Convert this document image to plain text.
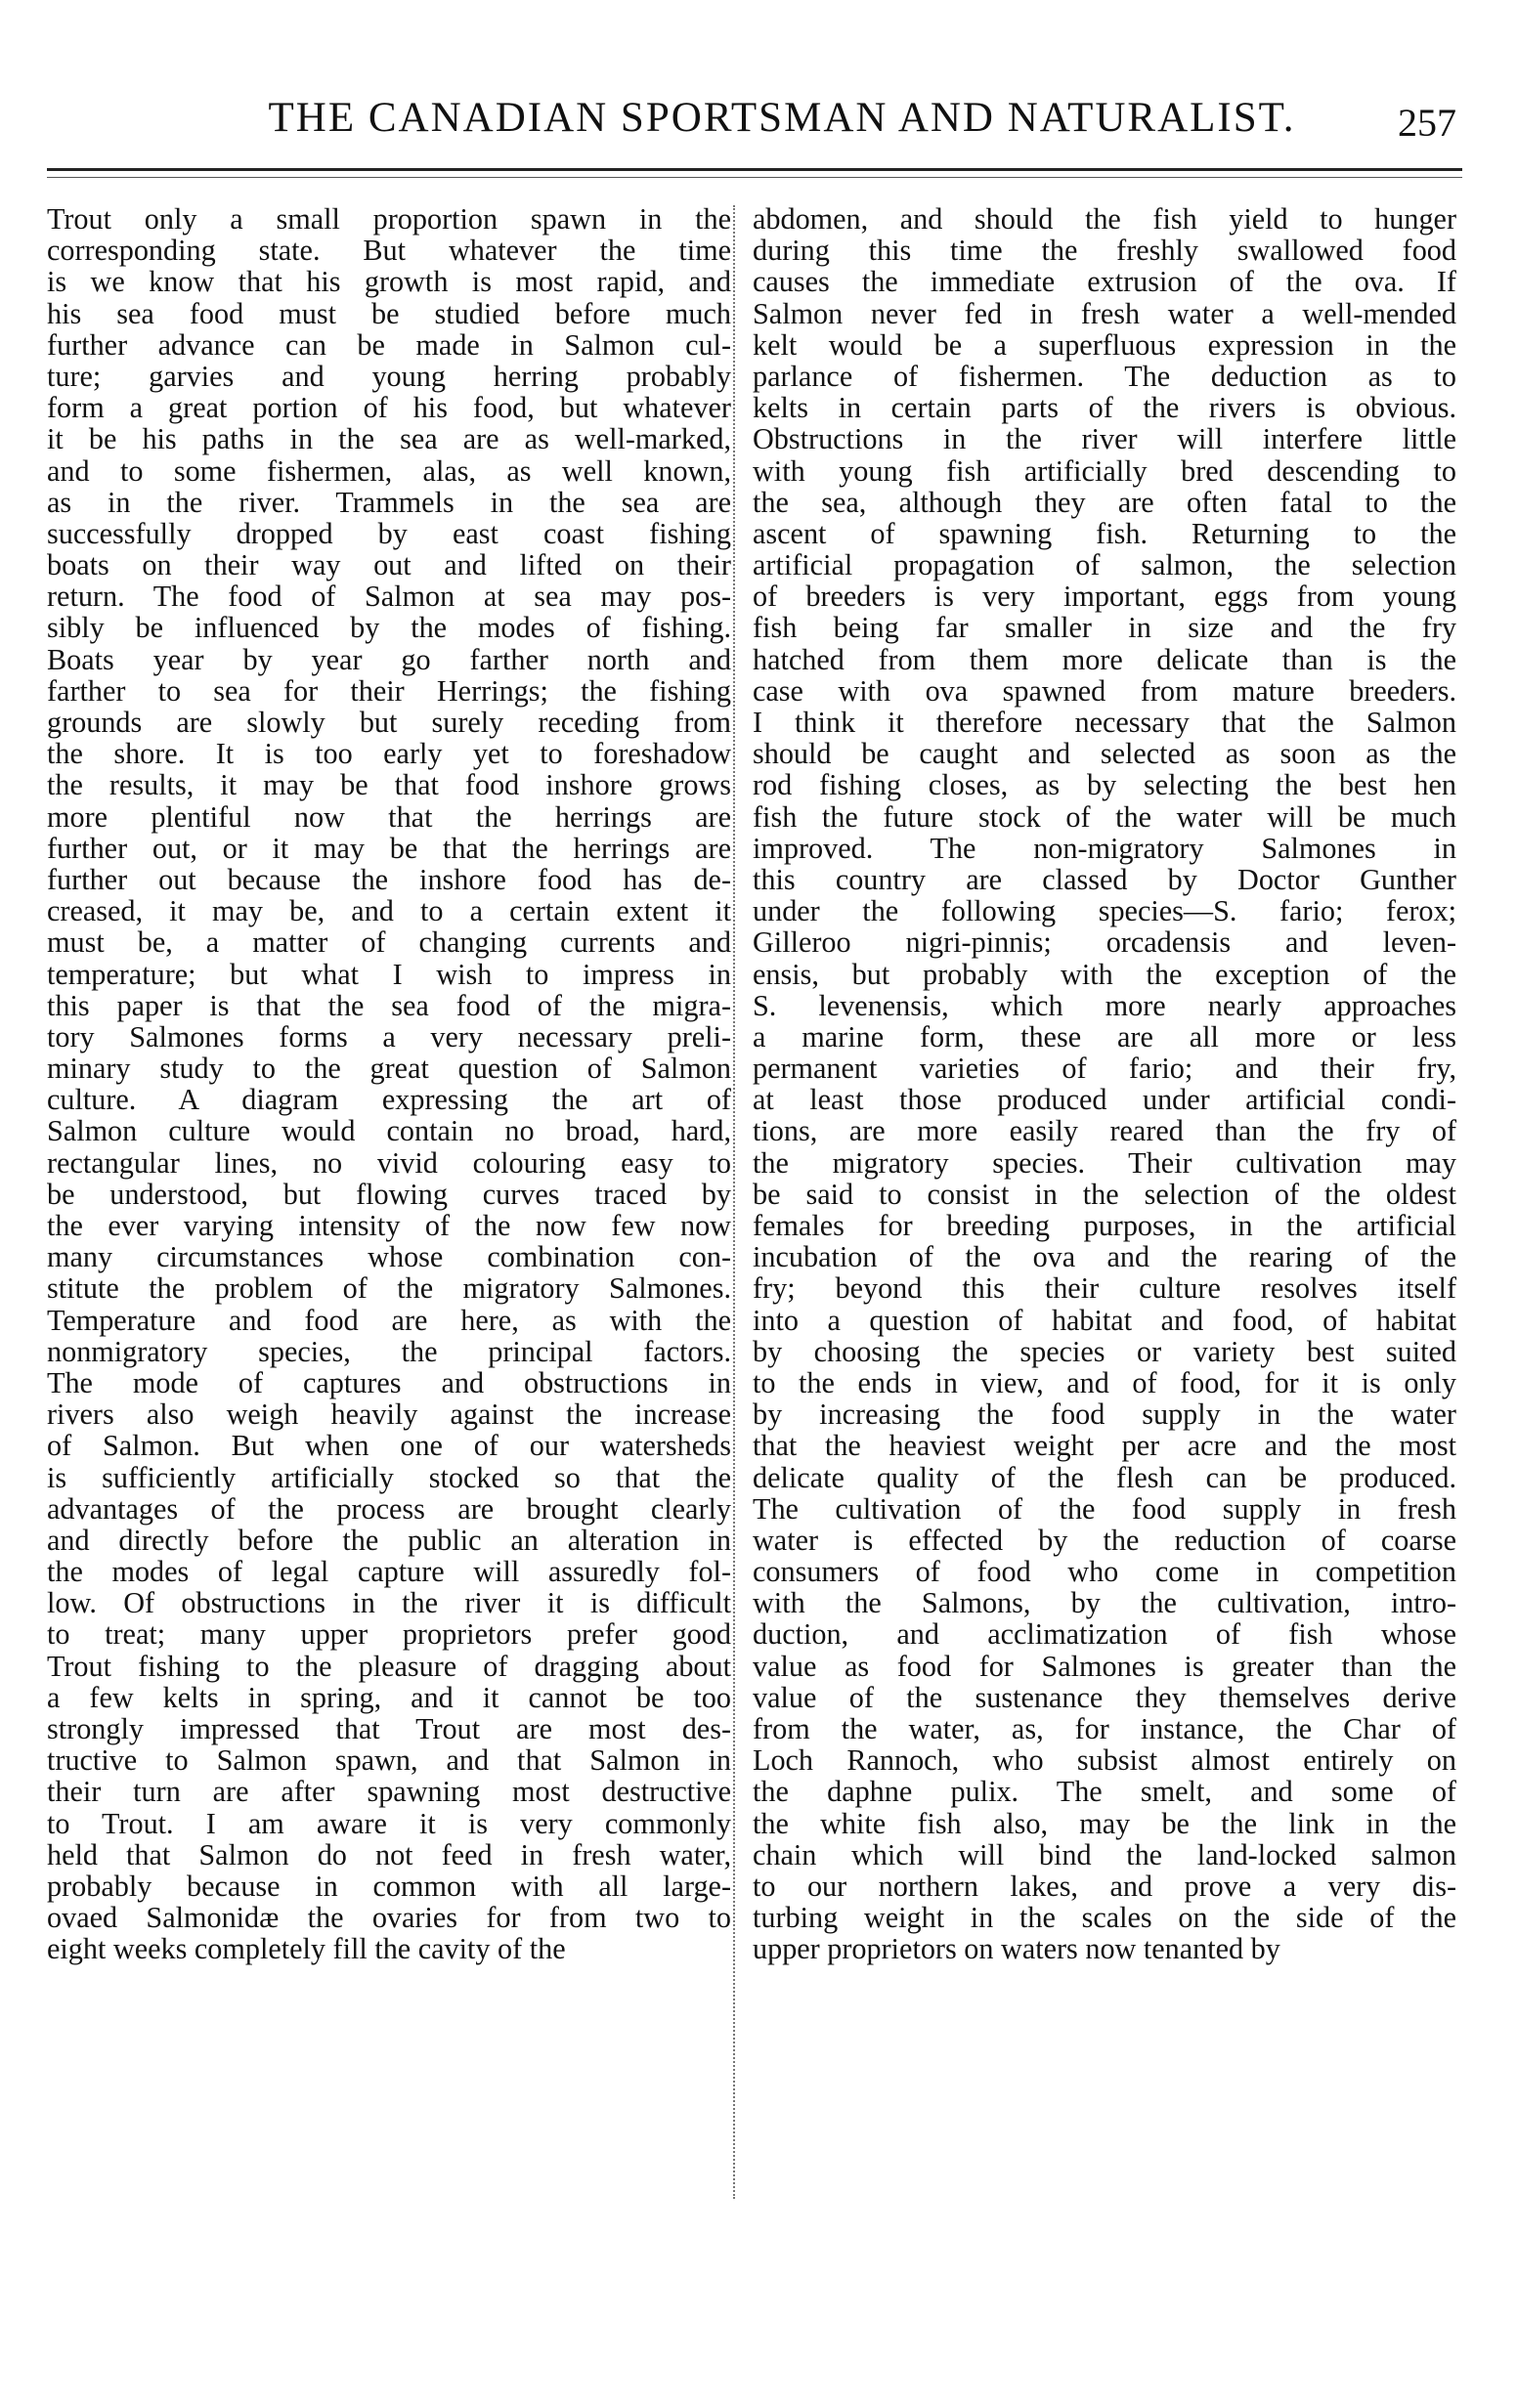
THE CANADIAN SPORTSMAN AND NATURALIST.	257
Trout only a small proportion spawn in the
corresponding state. But whatever the time
is we know that his growth is most rapid, and
his sea food must be studied before much
further advance can be made in Salmon cul-
ture; garvies and young herring probably
form a great portion of his food, but whatever
it be his paths in the sea are as well-marked,
and to some fishermen, alas, as well known,
as in the river. Trammels in the sea are
successfully dropped by east coast fishing
boats on their way out and lifted on their
return. The food of Salmon at sea may pos-
sibly be influenced by the modes of fishing.
Boats year by year go farther north and
farther to sea for their Herrings; the fishing
grounds are slowly but surely receding from
the shore. It is too early yet to foreshadow
the results, it may be that food inshore grows
more plentiful now that the herrings are
further out, or it may be that the herrings are
further out because the inshore food has de-
creased, it may be, and to a certain extent it
must be, a matter of changing currents and
temperature; but what I wish to impress in
this paper is that the sea food of the migra-
tory Salmones forms a very necessary preli-
minary study to the great question of Salmon
culture. A diagram expressing the art of
Salmon culture would contain no broad, hard,
rectangular lines, no vivid colouring easy to
be understood, but flowing curves traced by
the ever varying intensity of the now few now
many circumstances whose combination con-
stitute the problem of the migratory Salmones.
Temperature and food are here, as with the
nonmigratory species, the principal factors.
The mode of captures and obstructions in
rivers also weigh heavily against the increase
of Salmon. But when one of our watersheds
is sufficiently artificially stocked so that the
advantages of the process are brought clearly
and directly before the public an alteration in
the modes of legal capture will assuredly fol-
low. Of obstructions in the river it is difficult
to treat; many upper proprietors prefer good
Trout fishing to the pleasure of dragging about
a few kelts in spring, and it cannot be too
strongly impressed that Trout are most des-
tructive to Salmon spawn, and that Salmon in
their turn are after spawning most destructive
to Trout. I am aware it is very commonly
held that Salmon do not feed in fresh water,
probably because in common with all large-
ovaed Salmonidæ the ovaries for from two to
eight weeks completely fill the cavity of the
abdomen, and should the fish yield to hunger
during this time the freshly swallowed food
causes the immediate extrusion of the ova. If
Salmon never fed in fresh water a well-mended
kelt would be a superfluous expression in the
parlance of fishermen. The deduction as to
kelts in certain parts of the rivers is obvious.
Obstructions in the river will interfere little
with young fish artificially bred descending to
the sea, although they are often fatal to the
ascent of spawning fish. Returning to the
artificial propagation of salmon, the selection
of breeders is very important, eggs from young
fish being far smaller in size and the fry
hatched from them more delicate than is the
case with ova spawned from mature breeders.
I think it therefore necessary that the Salmon
should be caught and selected as soon as the
rod fishing closes, as by selecting the best hen
fish the future stock of the water will be much
improved. The non-migratory Salmones in
this country are classed by Doctor Gunther
under the following species—S. fario; ferox;
Gilleroo nigri-pinnis; orcadensis and leven-
ensis, but probably with the exception of the
S. levenensis, which more nearly approaches
a marine form, these are all more or less
permanent varieties of fario; and their fry,
at least those produced under artificial condi-
tions, are more easily reared than the fry of
the migratory species. Their cultivation may
be said to consist in the selection of the oldest
females for breeding purposes, in the artificial
incubation of the ova and the rearing of the
fry; beyond this their culture resolves itself
into a question of habitat and food, of habitat
by choosing the species or variety best suited
to the ends in view, and of food, for it is only
by increasing the food supply in the water
that the heaviest weight per acre and the most
delicate quality of the flesh can be produced.
The cultivation of the food supply in fresh
water is effected by the reduction of coarse
consumers of food who come in competition
with the Salmons, by the cultivation, intro-
duction, and acclimatization of fish whose
value as food for Salmones is greater than the
value of the sustenance they themselves derive
from the water, as, for instance, the Char of
Loch Rannoch, who subsist almost entirely on
the daphne pulix. The smelt, and some of
the white fish also, may be the link in the
chain which will bind the land-locked salmon
to our northern lakes, and prove a very dis-
turbing weight in the scales on the side of the
upper proprietors on waters now tenanted by
